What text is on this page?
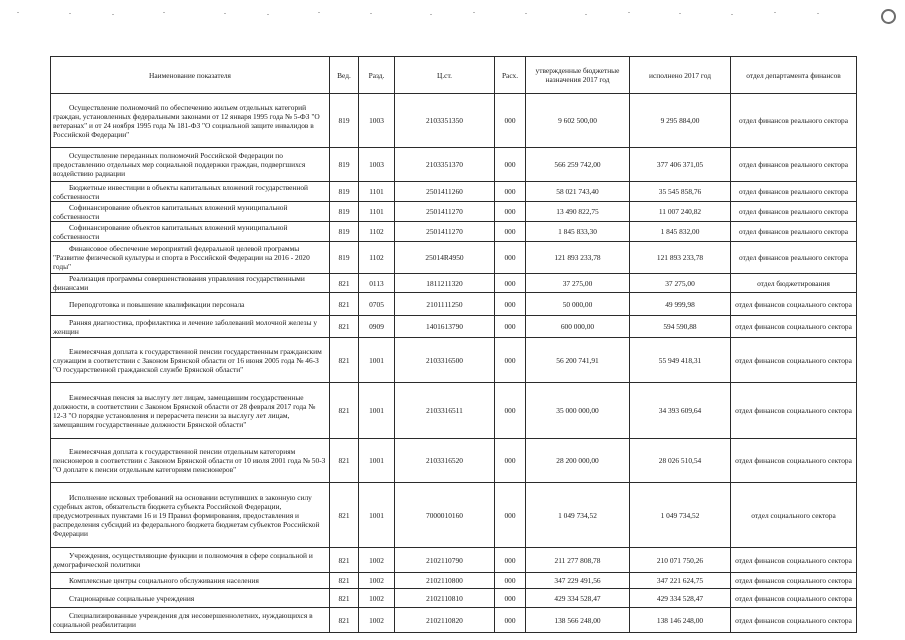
Наименование показателя	Вед.	Разд.	Ц.ст.	Расх.	утвержденные бюджетные назначения 2017 год	исполнено 2017 год	отдел департамента финансов
Осуществление полномочий по обеспечению жильем отдельных категорий граждан, установленных федеральными законами от 12 января 1995 года № 5-ФЗ "О ветеранах" и от 24 ноября 1995 года № 181-ФЗ "О социальной защите инвалидов в Российской Федерации"	819	1003	2103351350	000	9 602 500,00	9 295 884,00	отдел финансов реального сектора
Осуществление переданных полномочий Российской Федерации по предоставлению отдельных мер социальной поддержки граждан, подвергшихся воздействию радиации	819	1003	2103351370	000	566 259 742,00	377 406 371,05	отдел финансов реального сектора
Бюджетные инвестиции в объекты капитальных вложений государственной собственности	819	1101	2501411260	000	58 021 743,40	35 545 858,76	отдел финансов реального сектора
Софинансирование объектов капитальных вложений муниципальной собственности	819	1101	2501411270	000	13 490 822,75	11 007 240,82	отдел финансов реального сектора
Софинансирование объектов капитальных вложений муниципальной собственности	819	1102	2501411270	000	1 845 833,30	1 845 832,00	отдел финансов реального сектора
Финансовое обеспечение мероприятий федеральной целевой программы "Развитие физической культуры и спорта в Российской Федерации на 2016 - 2020 годы"	819	1102	25014R4950	000	121 893 233,78	121 893 233,78	отдел финансов реального сектора
Реализация программы совершенствования управления государственными финансами	821	0113	1811211320	000	37 275,00	37 275,00	отдел бюджетирования
Переподготовка и повышение квалификации персонала	821	0705	2101111250	000	50 000,00	49 999,98	отдел финансов социального сектора
Ранняя диагностика, профилактика и лечение заболеваний молочной железы у женщин	821	0909	1401613790	000	600 000,00	594 590,88	отдел финансов социального сектора
Ежемесячная доплата к государственной пенсии государственным гражданским служащим в соответствии с Законом Брянской области от 16 июня 2005 года № 46-З "О государственной гражданской службе Брянской области"	821	1001	2103316500	000	56 200 741,91	55 949 418,31	отдел финансов социального сектора
Ежемесячная пенсия за выслугу лет лицам, замещавшим государственные должности, в соответствии с Законом Брянской области от 28 февраля 2017 года № 12-З "О порядке установления и перерасчета пенсии за выслугу лет лицам, замещавшим государственные должности Брянской области"	821	1001	2103316511	000	35 000 000,00	34 393 609,64	отдел финансов социального сектора
Ежемесячная доплата к государственной пенсии отдельным категориям пенсионеров в соответствии с Законом Брянской области от 10 июля 2001 года № 50-З "О доплате к пенсии отдельным категориям пенсионеров"	821	1001	2103316520	000	28 200 000,00	28 026 510,54	отдел финансов социального сектора
Исполнение исковых требований на основании вступивших в законную силу судебных актов, обязательств бюджета субъекта Российской Федерации, предусмотренных пунктами 16 и 19 Правил формирования, предоставления и распределения субсидий из федерального бюджета бюджетам субъектов Российской Федерации	821	1001	7000010160	000	1 049 734,52	1 049 734,52	отдел социального сектора
Учреждения, осуществляющие функции и полномочия в сфере социальной и демографической политики	821	1002	2102110790	000	211 277 808,78	210 071 750,26	отдел финансов социального сектора
Комплексные центры социального обслуживания населения	821	1002	2102110800	000	347 229 491,56	347 221 624,75	отдел финансов социального сектора
Стационарные социальные учреждения	821	1002	2102110810	000	429 334 528,47	429 334 528,47	отдел финансов социального сектора
Специализированные учреждения для несовершеннолетних, нуждающихся в социальной реабилитации	821	1002	2102110820	000	138 566 248,00	138 146 248,00	отдел финансов социального сектора
